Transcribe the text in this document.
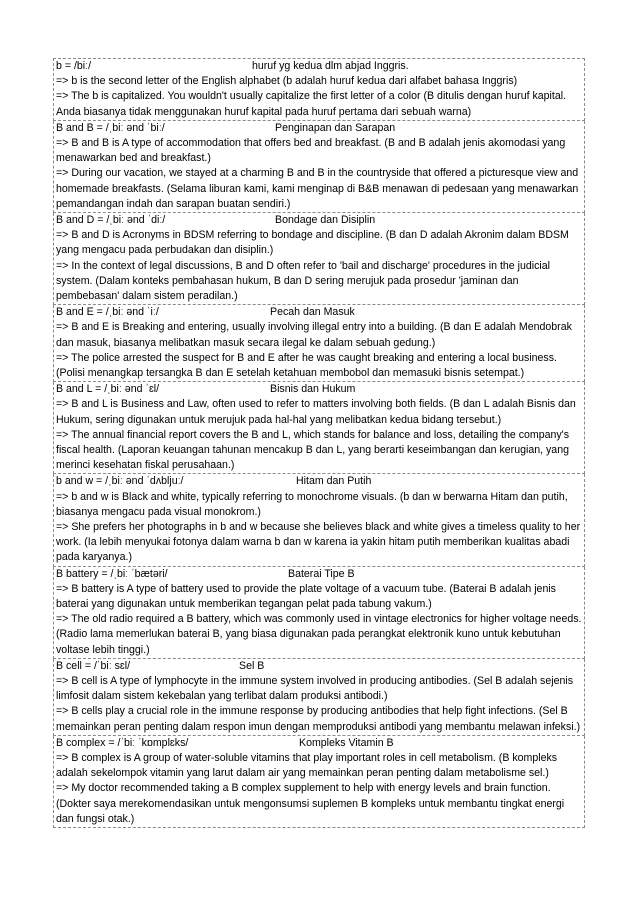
b = /biː/	huruf yg kedua dlm abjad Inggris.
=> b is the second letter of the English alphabet (b adalah huruf kedua dari alfabet bahasa Inggris)
=> The b is capitalized. You wouldn't usually capitalize the first letter of a color (B ditulis dengan huruf kapital. Anda biasanya tidak menggunakan huruf kapital pada huruf pertama dari sebuah warna)
B and B = /ˌbiː ənd ˈbiː/	Penginapan dan Sarapan
=> B and B is A type of accommodation that offers bed and breakfast. (B and B adalah jenis akomodasi yang menawarkan bed and breakfast.)
=> During our vacation, we stayed at a charming B and B in the countryside that offered a picturesque view and homemade breakfasts. (Selama liburan kami, kami menginap di B&B menawan di pedesaan yang menawarkan pemandangan indah dan sarapan buatan sendiri.)
B and D = /ˌbiː ənd ˈdiː/	Bondage dan Disiplin
=> B and D is Acronyms in BDSM referring to bondage and discipline. (B dan D adalah Akronim dalam BDSM yang mengacu pada perbudakan dan disiplin.)
=> In the context of legal discussions, B and D often refer to 'bail and discharge' procedures in the judicial system. (Dalam konteks pembahasan hukum, B dan D sering merujuk pada prosedur 'jaminan dan pembebasan' dalam sistem peradilan.)
B and E = /ˌbiː ənd ˈiː/	Pecah dan Masuk
=> B and E is Breaking and entering, usually involving illegal entry into a building. (B dan E adalah Mendobrak dan masuk, biasanya melibatkan masuk secara ilegal ke dalam sebuah gedung.)
=> The police arrested the suspect for B and E after he was caught breaking and entering a local business. (Polisi menangkap tersangka B dan E setelah ketahuan membobol dan memasuki bisnis setempat.)
B and L = /ˌbiː ənd ˈɛl/	Bisnis dan Hukum
=> B and L is Business and Law, often used to refer to matters involving both fields. (B dan L adalah Bisnis dan Hukum, sering digunakan untuk merujuk pada hal-hal yang melibatkan kedua bidang tersebut.)
=> The annual financial report covers the B and L, which stands for balance and loss, detailing the company's fiscal health. (Laporan keuangan tahunan mencakup B dan L, yang berarti keseimbangan dan kerugian, yang merinci kesehatan fiskal perusahaan.)
b and w = /ˌbiː ənd ˈdʌbljuː/	Hitam dan Putih
=> b and w is Black and white, typically referring to monochrome visuals. (b dan w berwarna Hitam dan putih, biasanya mengacu pada visual monokrom.)
=> She prefers her photographs in b and w because she believes black and white gives a timeless quality to her work. (Ia lebih menyukai fotonya dalam warna b dan w karena ia yakin hitam putih memberikan kualitas abadi pada karyanya.)
B battery = /ˌbiː ˈbætəri/	Baterai Tipe B
=> B battery is A type of battery used to provide the plate voltage of a vacuum tube. (Baterai B adalah jenis baterai yang digunakan untuk memberikan tegangan pelat pada tabung vakum.)
=> The old radio required a B battery, which was commonly used in vintage electronics for higher voltage needs. (Radio lama memerlukan baterai B, yang biasa digunakan pada perangkat elektronik kuno untuk kebutuhan voltase lebih tinggi.)
B cell = /ˈbiː sɛl/	Sel B
=> B cell is A type of lymphocyte in the immune system involved in producing antibodies. (Sel B adalah sejenis limfosit dalam sistem kekebalan yang terlibat dalam produksi antibodi.)
=> B cells play a crucial role in the immune response by producing antibodies that help fight infections. (Sel B memainkan peran penting dalam respon imun dengan memproduksi antibodi yang membantu melawan infeksi.)
B complex = /ˈbiː ˈkɒmplɛks/	Kompleks Vitamin B
=> B complex is A group of water-soluble vitamins that play important roles in cell metabolism. (B kompleks adalah sekelompok vitamin yang larut dalam air yang memainkan peran penting dalam metabolisme sel.)
=> My doctor recommended taking a B complex supplement to help with energy levels and brain function. (Dokter saya merekomendasikan untuk mengonsumsi suplemen B kompleks untuk membantu tingkat energi dan fungsi otak.)
